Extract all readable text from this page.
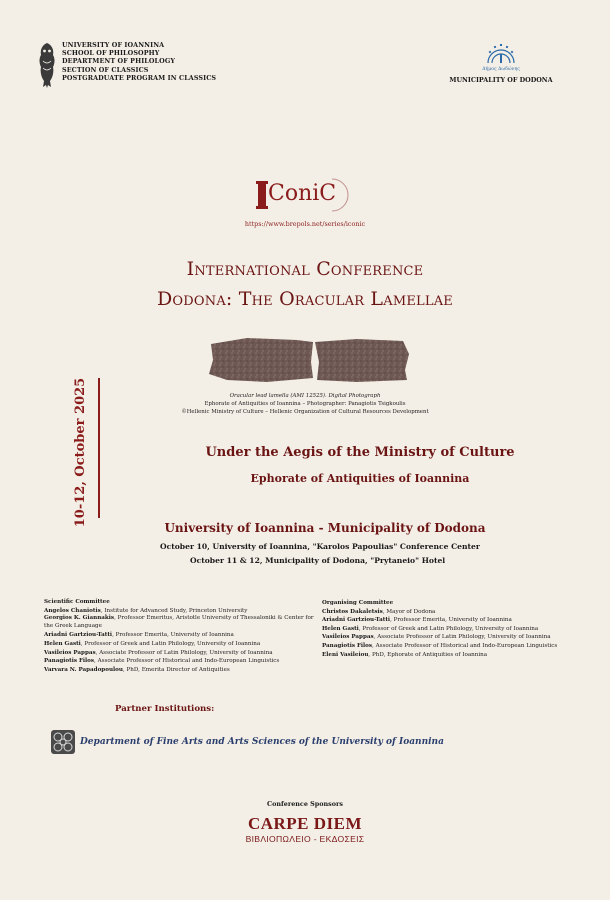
UNIVERSITY OF IOANNINA
SCHOOL OF PHILOSOPHY
DEPARTMENT OF PHILOLOGY
SECTION OF CLASSICS
POSTGRADUATE PROGRAM IN CLASSICS
Δήμος Δωδώνης
MUNICIPALITY OF DODONA
ConiC
https://www.brepols.net/series/iconic
International Conference
Dodona: The Oracular Lamellae
Oracular lead lamella (AMI 12525). Digital Photograph
Ephorate of Antiquities of Ioannina – Photographer: Panagiotis Tsigkoulis
©Hellenic Ministry of Culture – Hellenic Organization of Cultural Resources Development
10-12, October 2025	Under the Aegis of the Ministry of Culture
Ephorate of Antiquities of Ioannina
University of Ioannina - Municipality of Dodona
October 10, University of Ioannina, "Karolos Papoulias" Conference Center
October 11 & 12, Municipality of Dodona, "Prytaneio" Hotel
Scientific Committee
Angelos Chaniotis, Institute for Advanced Study, Princeton University
Georgios K. Giannakis, Professor Emeritus, Aristotle University of Thessaloniki & Center for the Greek Language
Ariadni Gartziou-Tatti, Professor Emerita, University of Ioannina
Helen Gasti, Professor of Greek and Latin Philology, University of Ioannina
Vasileios Pappas, Associate Professor of Latin Philology, University of Ioannina
Panagiotis Filos, Associate Professor of Historical and Indo-European Linguistics
Varvara N. Papadopoulou, PhD, Emerita Director of Antiquities
Organising Committee
Christos Dakaletsis, Mayor of Dodona
Ariadni Gartziou-Tatti, Professor Emerita, University of Ioannina
Helen Gasti, Professor of Greek and Latin Philology, University of Ioannina
Vasileios Pappas, Associate Professor of Latin Philology, University of Ioannina
Panagiotis Filos, Associate Professor of Historical and Indo-European Linguistics
Eleni Vasileiou, PhD, Ephorate of Antiquities of Ioannina
Partner Institutions:
Department of Fine Arts and Arts Sciences of the University of Ioannina
Conference Sponsors
CARPE DIEM
ΒΙΒΛΙΟΠΩΛΕΙΟ - ΕΚΔΟΣΕΙΣ
